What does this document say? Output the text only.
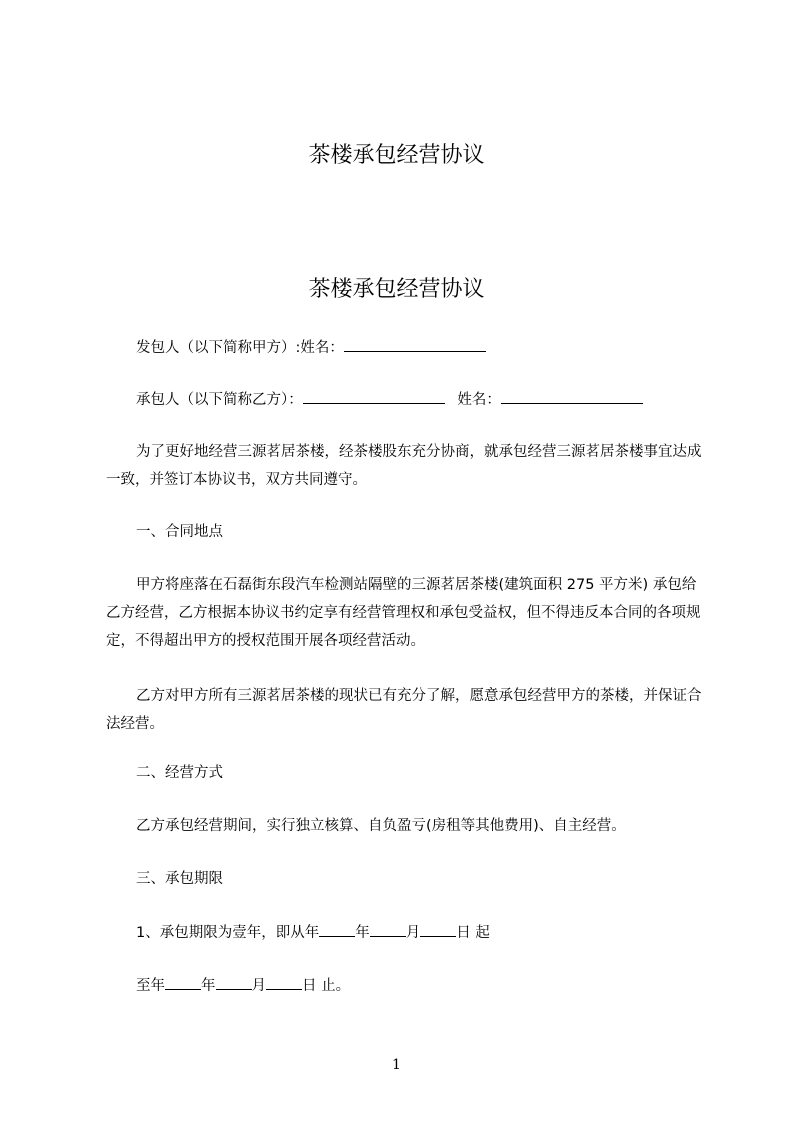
茶楼承包经营协议
茶楼承包经营协议

发包人（以下简称甲方）:姓名：

承包人（以下简称乙方）：	姓名：

为了更好地经营三源茗居茶楼，经茶楼股东充分协商，就承包经营三源茗居茶楼事宜达成一致，并签订本协议书，双方共同遵守。

一、合同地点

甲方将座落在石磊街东段汽车检测站隔壁的三源茗居茶楼(建筑面积 275 平方米) 承包给乙方经营，乙方根据本协议书约定享有经营管理权和承包受益权，但不得违反本合同的各项规定，不得超出甲方的授权范围开展各项经营活动。

乙方对甲方所有三源茗居茶楼的现状已有充分了解，愿意承包经营甲方的茶楼，并保证合法经营。

二、经营方式

乙方承包经营期间，实行独立核算、自负盈亏(房租等其他费用)、自主经营。

三、承包期限

1、承包期限为壹年，即从年 年 月 日 起

至年 年 月 日 止。

1
